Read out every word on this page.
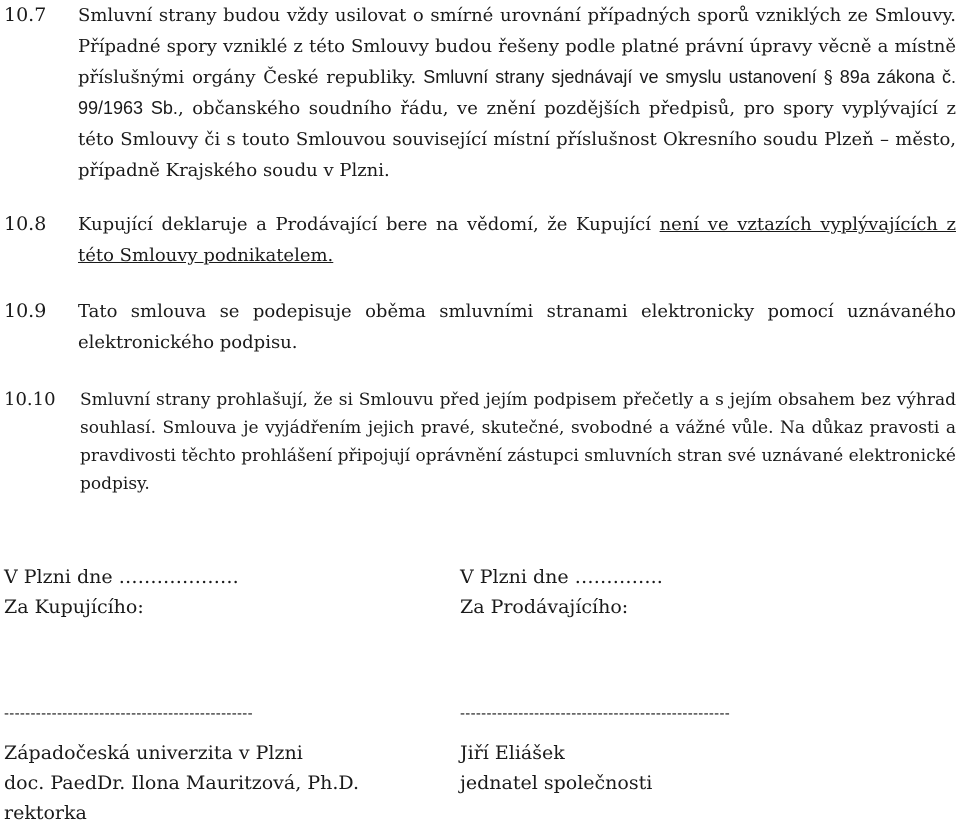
10.7 Smluvní strany budou vždy usilovat o smírné urovnání případných sporů vzniklých ze Smlouvy. Případné spory vzniklé z této Smlouvy budou řešeny podle platné právní úpravy věcně a místně příslušnými orgány České republiky. Smluvní strany sjednávají ve smyslu ustanovení § 89a zákona č. 99/1963 Sb., občanského soudního řádu, ve znění pozdějších předpisů, pro spory vyplývající z této Smlouvy či s touto Smlouvou související místní příslušnost Okresního soudu Plzeň – město, případně Krajského soudu v Plzni.
10.8 Kupující deklaruje a Prodávající bere na vědomí, že Kupující není ve vztazích vyplývajících z této Smlouvy podnikatelem.
10.9 Tato smlouva se podepisuje oběma smluvními stranami elektronicky pomocí uznávaného elektronického podpisu.
10.10 Smluvní strany prohlašují, že si Smlouvu před jejím podpisem přečetly a s jejím obsahem bez výhrad souhlasí. Smlouva je vyjádřením jejich pravé, skutečné, svobodné a vážné vůle. Na důkaz pravosti a pravdivosti těchto prohlášení připojují oprávnění zástupci smluvních stran své uznávané elektronické podpisy.
V Plzni dne ……………….
Za Kupujícího:
V Plzni dne …………..
Za Prodávajícího:
-----------------------------------------------	---------------------------------------------------
Západočeská univerzita v Plzni
doc. PaedDr. Ilona Mauritzová, Ph.D.
rektorka
Jiří Eliášek
jednatel společnosti
